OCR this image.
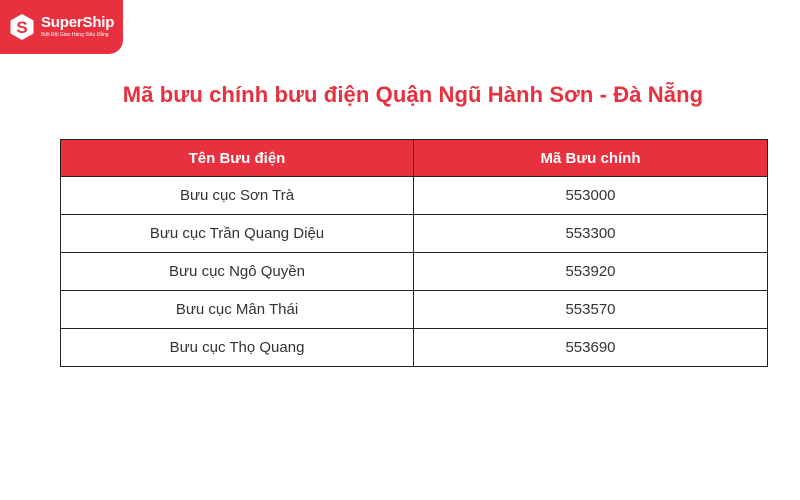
S SuperShip
Biệt Đội Giao Hàng Siêu Đẳng
Mã bưu chính bưu điện Quận Ngũ Hành Sơn - Đà Nẵng
Tên Bưu điện	Mã Bưu chính
Bưu cục Sơn Trà	553000
Bưu cục Trần Quang Diệu	553300
Bưu cục Ngô Quyền	553920
Bưu cục Mân Thái	553570
Bưu cục Thọ Quang	553690
